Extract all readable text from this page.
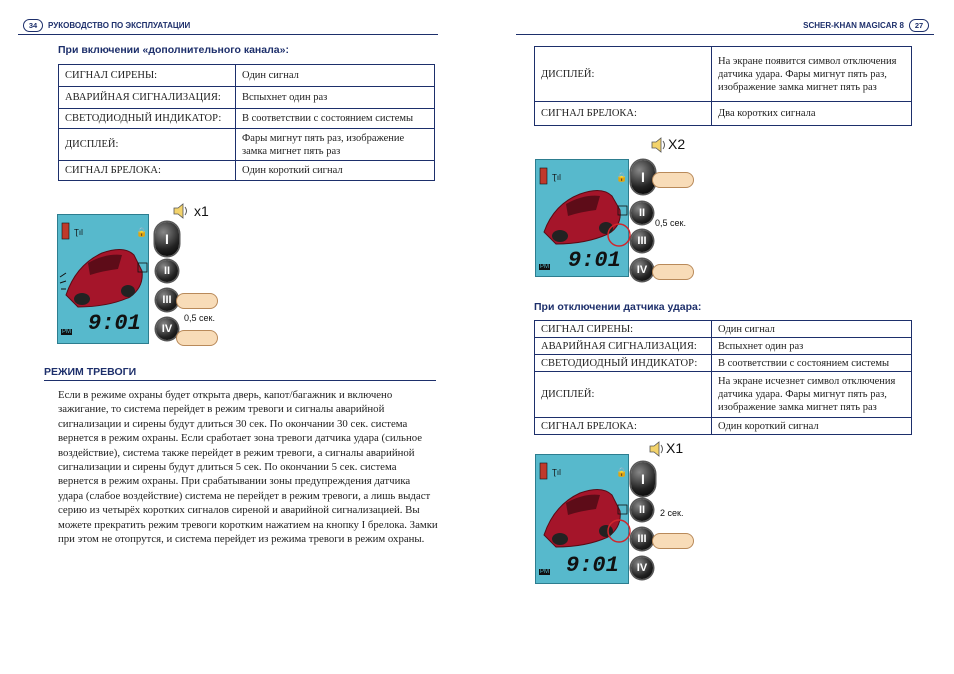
34	РУКОВОДСТВО ПО ЭКСПЛУАТАЦИИ	SCHER-KHAN MAGICAR 8	27
При включении «дополнительного канала»:
СИГНАЛ СИРЕНЫ:	Один сигнал
АВАРИЙНАЯ СИГНАЛИЗАЦИЯ:	Вспыхнет один раз
СВЕТОДИОДНЫЙ ИНДИКАТОР:	В соответствии с состоянием системы
ДИСПЛЕЙ:	Фары мигнут пять раз, изображение замка мигнет пять раз
СИГНАЛ БРЕЛОКА:	Один короткий сигнал
Ʈıl	🔒
9:01
PM
x1
I
II
III
0,5 сек.
IV
РЕЖИМ ТРЕВОГИ
Если в режиме охраны будет открыта дверь, капот/багажник и включено зажигание, то система перейдет в режим тревоги и сигналы аварийной сигнализации и сирены будут длиться 30 сек. По окончании 30 сек. система вернется в режим охраны. Если сработает зона тревоги датчика удара (сильное воздействие), система также перейдет в режим тревоги, а сигналы аварийной сигнализации и сирены будут длиться 5 сек. По окончании 5 сек. система вернется в режим охраны. При срабатывании зоны предупреждения датчика удара (слабое воздействие) система не перейдет в режим тревоги, а лишь выдаст серию из четырёх коротких сигналов сиреной и аварийной сигнализацией. Вы можете прекратить режим тревоги коротким нажатием на кнопку I брелока. Замки при этом не отопрутся, и система перейдет из режима тревоги в режим охраны.
ДИСПЛЕЙ:	На экране появится символ отключения датчика удара. Фары мигнут пять раз, изображение замка мигнет пять раз
СИГНАЛ БРЕЛОКА:	Два коротких сигнала
Ʈıl	🔒
9:01
PM
X2
I
II
0,5 сек.
III
IV
При отключении датчика удара:
СИГНАЛ СИРЕНЫ:	Один сигнал
АВАРИЙНАЯ СИГНАЛИЗАЦИЯ:	Вспыхнет один раз
СВЕТОДИОДНЫЙ ИНДИКАТОР:	В соответствии с состоянием системы
ДИСПЛЕЙ:	На экране исчезнет символ отключения датчика удара. Фары мигнут пять раз, изображение замка мигнет пять раз
СИГНАЛ БРЕЛОКА:	Один короткий сигнал
Ʈıl	🔒
9:01
PM
X1
I
II	2 сек.
III
IV
